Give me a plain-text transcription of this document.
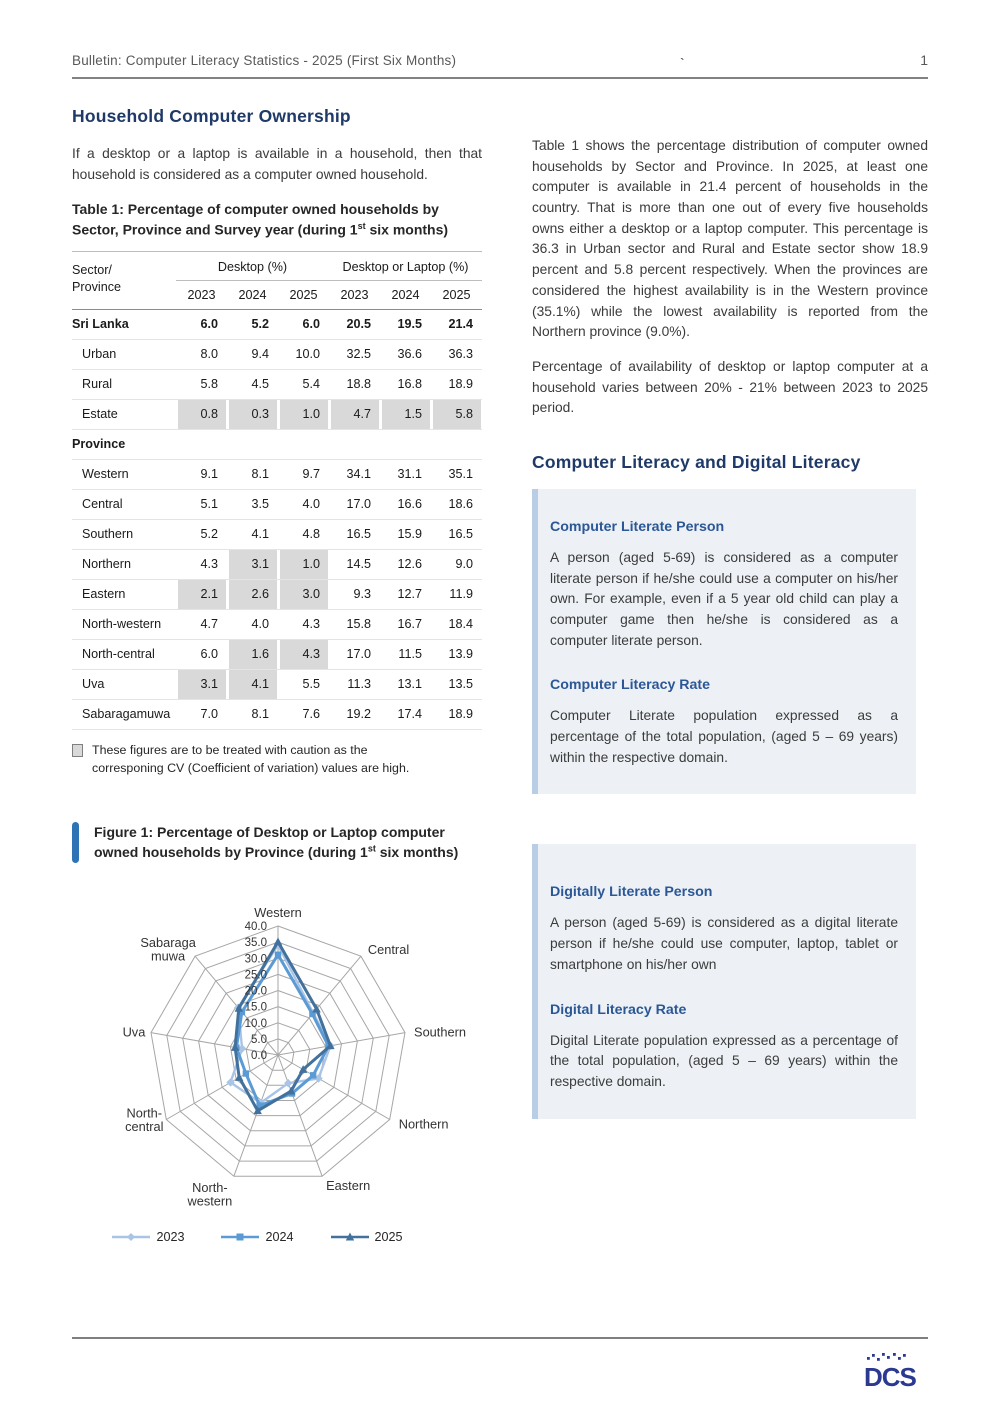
Bulletin: Computer Literacy Statistics - 2025 (First Six Months)	`	1
Household Computer Ownership

If a desktop or a laptop is available in a household, then that household is considered as a computer owned household.

Table 1: Percentage of computer owned households by Sector, Province and Survey year (during 1st six months)
Sector/
Province	Desktop (%)			Desktop or Laptop (%)		
	2023	2024	2025	2023	2024	2025
Sri Lanka	6.0	5.2	6.0	20.5	19.5	21.4
Urban	8.0	9.4	10.0	32.5	36.6	36.3
Rural	5.8	4.5	5.4	18.8	16.8	18.9
Estate	0.8	0.3	1.0	4.7	1.5	5.8
Province						
Western	9.1	8.1	9.7	34.1	31.1	35.1
Central	5.1	3.5	4.0	17.0	16.6	18.6
Southern	5.2	4.1	4.8	16.5	15.9	16.5
Northern	4.3	3.1	1.0	14.5	12.6	9.0
Eastern	2.1	2.6	3.0	9.3	12.7	11.9
North-western	4.7	4.0	4.3	15.8	16.7	18.4
North-central	6.0	1.6	4.3	17.0	11.5	13.9
Uva	3.1	4.1	5.5	11.3	13.1	13.5
Sabaragamuwa	7.0	8.1	7.6	19.2	17.4	18.9
These figures are to be treated with caution as the
corresponing CV (Coefficient of variation) values are high.
Figure 1: Percentage of Desktop or Laptop computer owned households by Province (during 1st six months)
40.0
35.0
30.0
25.0
20.0
15.0
10.0
5.0
0.0
Western
Central
Southern
Northern
Eastern
North-
western
North-
central
Uva
Sabaraga
muwa
2023	2024	2025

Table 1 shows the percentage distribution of computer owned households by Sector and Province. In 2025, at least one computer is available in 21.4 percent of households in the country. That is more than one out of every five households owns either a desktop or a laptop computer. This percentage is 36.3 in Urban sector and Rural and Estate sector show 18.9 percent and 5.8 percent respectively. When the provinces are considered the highest availability is in the Western province (35.1%) while the lowest availability is reported from the Northern province (9.0%).

Percentage of availability of desktop or laptop computer at a household varies between 20% - 21% between 2023 to 2025 period.

Computer Literacy and Digital Literacy
Computer Literate Person

A person (aged 5-69) is considered as a computer literate person if he/she could use a computer on his/her own. For example, even if a 5 year old child can play a computer game then he/she is considered as a computer literate person.

Computer Literacy Rate

Computer Literate population expressed as a percentage of the total population, (aged 5 – 69 years) within the respective domain.

Digitally Literate Person

A person (aged 5-69) is considered as a digital literate person if he/she could use computer, laptop, tablet or smartphone on his/her own

Digital Literacy Rate

Digital Literate population expressed as a percentage of the total population, (aged 5 – 69 years) within the respective domain.

DCS
